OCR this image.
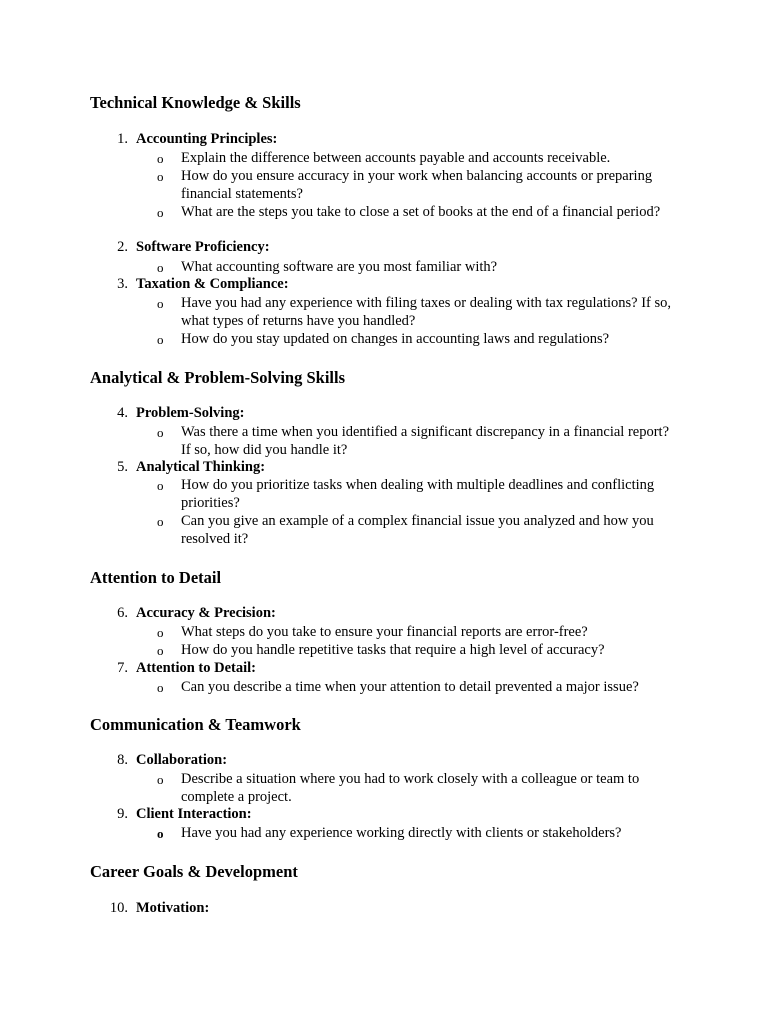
Technical Knowledge & Skills
1. Accounting Principles:
o Explain the difference between accounts payable and accounts receivable.
o How do you ensure accuracy in your work when balancing accounts or preparing financial statements?
o What are the steps you take to close a set of books at the end of a financial period?
2. Software Proficiency:
o What accounting software are you most familiar with?
3. Taxation & Compliance:
o Have you had any experience with filing taxes or dealing with tax regulations? If so, what types of returns have you handled?
o How do you stay updated on changes in accounting laws and regulations?
Analytical & Problem-Solving Skills
4. Problem-Solving:
o Was there a time when you identified a significant discrepancy in a financial report? If so, how did you handle it?
5. Analytical Thinking:
o How do you prioritize tasks when dealing with multiple deadlines and conflicting priorities?
o Can you give an example of a complex financial issue you analyzed and how you resolved it?
Attention to Detail
6. Accuracy & Precision:
o What steps do you take to ensure your financial reports are error-free?
o How do you handle repetitive tasks that require a high level of accuracy?
7. Attention to Detail:
o Can you describe a time when your attention to detail prevented a major issue?
Communication & Teamwork
8. Collaboration:
o Describe a situation where you had to work closely with a colleague or team to complete a project.
9. Client Interaction:
o Have you had any experience working directly with clients or stakeholders?
Career Goals & Development
10. Motivation:
